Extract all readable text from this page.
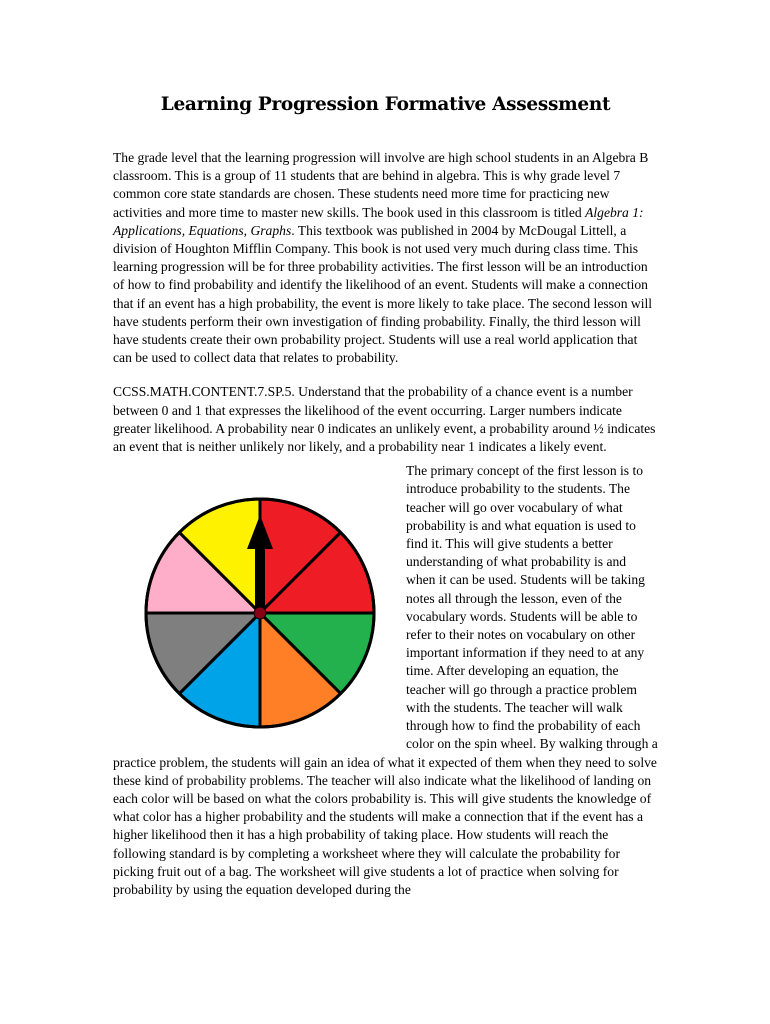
Learning Progression Formative Assessment

The grade level that the learning progression will involve are high school students in an Algebra B classroom. This is a group of 11 students that are behind in algebra. This is why grade level 7 common core state standards are chosen. These students need more time for practicing new activities and more time to master new skills. The book used in this classroom is titled Algebra 1: Applications, Equations, Graphs. This textbook was published in 2004 by McDougal Littell, a division of Houghton Mifflin Company. This book is not used very much during class time. This learning progression will be for three probability activities. The first lesson will be an introduction of how to find probability and identify the likelihood of an event. Students will make a connection that if an event has a high probability, the event is more likely to take place. The second lesson will have students perform their own investigation of finding probability. Finally, the third lesson will have students create their own probability project. Students will use a real world application that can be used to collect data that relates to probability.

CCSS.MATH.CONTENT.7.SP.5. Understand that the probability of a chance event is a number between 0 and 1 that expresses the likelihood of the event occurring. Larger numbers indicate greater likelihood. A probability near 0 indicates an unlikely event, a probability around ½ indicates an event that is neither unlikely nor likely, and a probability near 1 indicates a likely event.

The primary concept of the first lesson is to introduce probability to the students. The teacher will go over vocabulary of what probability is and what equation is used to find it. This will give students a better understanding of what probability is and when it can be used. Students will be taking notes all through the lesson, even of the vocabulary words. Students will be able to refer to their notes on vocabulary on other important information if they need to at any time. After developing an equation, the teacher will go through a practice problem with the students. The teacher will walk through how to find the probability of each color on the spin wheel. By walking through a practice problem, the students will gain an idea of what it expected of them when they need to solve these kind of probability problems. The teacher will also indicate what the likelihood of landing on each color will be based on what the colors probability is. This will give students the knowledge of what color has a higher probability and the students will make a connection that if the event has a higher likelihood then it has a high probability of taking place. How students will reach the following standard is by completing a worksheet where they will calculate the probability for picking fruit out of a bag. The worksheet will give students a lot of practice when solving for probability by using the equation developed during the
